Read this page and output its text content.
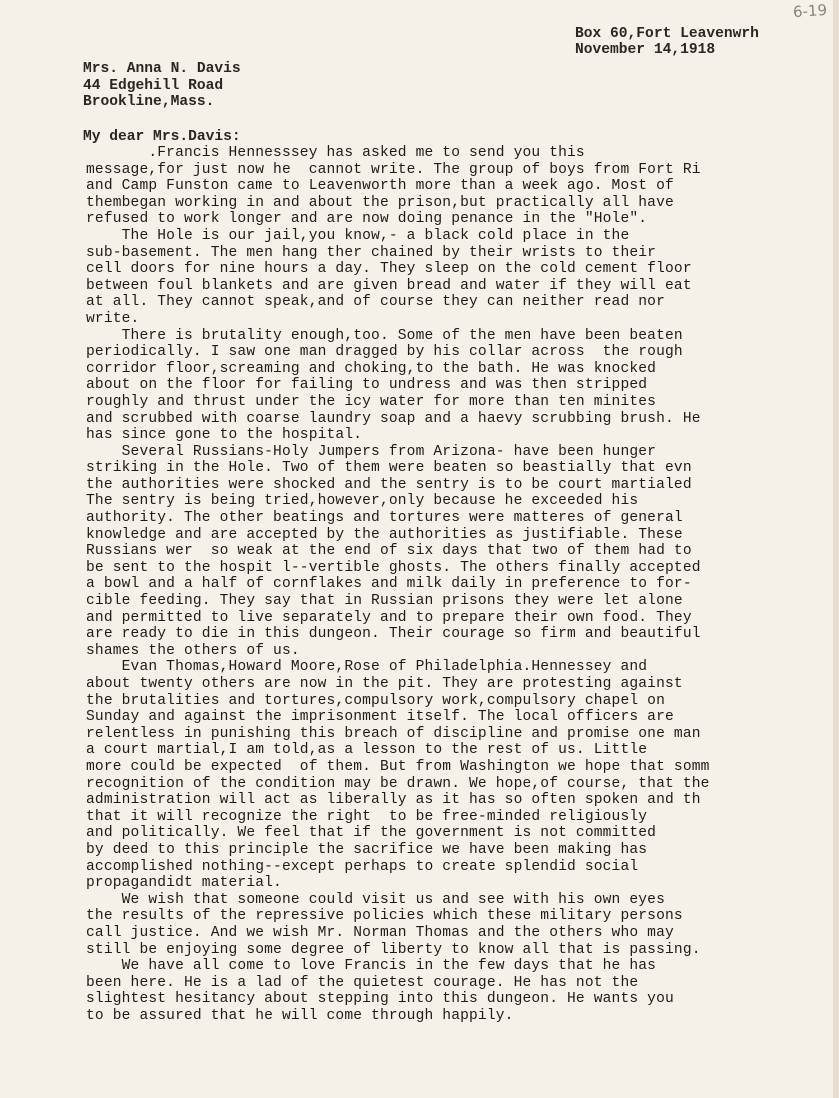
6-19
Box 60,Fort Leavenwrh
November 14,1918
Mrs. Anna N. Davis
44 Edgehill Road
Brookline,Mass.
My dear Mrs.Davis:
.Francis Hennesssey has asked me to send you this
message,for just now he  cannot write. The group of boys from Fort Ri
and Camp Funston came to Leavenworth more than a week ago. Most of
thembegan working in and about the prison,but practically all have
refused to work longer and are now doing penance in the "Hole".
The Hole is our jail,you know,- a black cold place in the
sub-basement. The men hang ther chained by their wrists to their
cell doors for nine hours a day. They sleep on the cold cement floor
between foul blankets and are given bread and water if they will eat
at all. They cannot speak,and of course they can neither read nor
write.
There is brutality enough,too. Some of the men have been beaten
periodically. I saw one man dragged by his collar across  the rough
corridor floor,screaming and choking,to the bath. He was knocked
about on the floor for failing to undress and was then stripped
roughly and thrust under the icy water for more than ten minites
and scrubbed with coarse laundry soap and a haevy scrubbing brush. He
has since gone to the hospital.
Several Russians-Holy Jumpers from Arizona- have been hunger
striking in the Hole. Two of them were beaten so beastially that evn
the authorities were shocked and the sentry is to be court martialed
The sentry is being tried,however,only because he exceeded his
authority. The other beatings and tortures were matteres of general
knowledge and are accepted by the authorities as justifiable. These
Russians wer  so weak at the end of six days that two of them had to
be sent to the hospit l--vertible ghosts. The others finally accepted
a bowl and a half of cornflakes and milk daily in preference to for-
cible feeding. They say that in Russian prisons they were let alone
and permitted to live separately and to prepare their own food. They
are ready to die in this dungeon. Their courage so firm and beautiful
shames the others of us.
Evan Thomas,Howard Moore,Rose of Philadelphia.Hennessey and
about twenty others are now in the pit. They are protesting against
the brutalities and tortures,compulsory work,compulsory chapel on
Sunday and against the imprisonment itself. The local officers are
relentless in punishing this breach of discipline and promise one man
a court martial,I am told,as a lesson to the rest of us. Little
more could be expected  of them. But from Washington we hope that somm
recognition of the condition may be drawn. We hope,of course, that the
administration will act as liberally as it has so often spoken and th
that it will recognize the right  to be free-minded religiously
and politically. We feel that if the government is not committed
by deed to this principle the sacrifice we have been making has
accomplished nothing--except perhaps to create splendid social
propagandidt material.
We wish that someone could visit us and see with his own eyes
the results of the repressive policies which these military persons
call justice. And we wish Mr. Norman Thomas and the others who may
still be enjoying some degree of liberty to know all that is passing.
We have all come to love Francis in the few days that he has
been here. He is a lad of the quietest courage. He has not the
slightest hesitancy about stepping into this dungeon. He wants you
to be assured that he will come through happily.
